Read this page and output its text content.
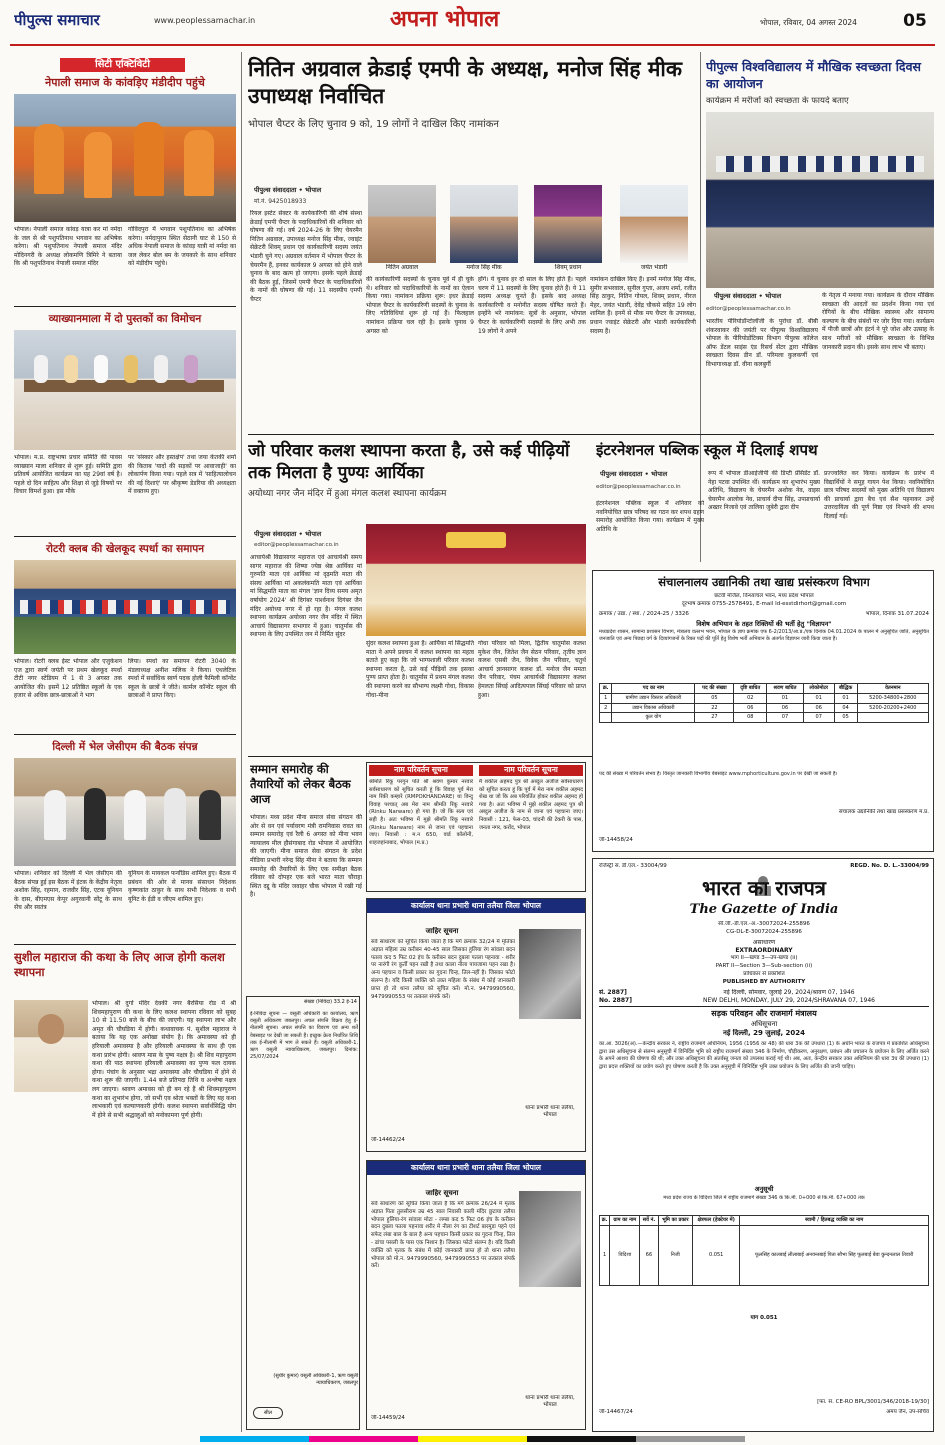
पीपुल्स समाचार	www.peoplessamachar.in	अपना भोपाल	भोपाल, रविवार, 04 अगस्त 2024	05
सिटी एक्टिविटी
नेपाली समाज के कांवड़िए मंडीदीप पहुंचे
भोपाल। नेपाली समाज कांवड़ यात्रा कर मां नर्मदा के जल से श्री पशुपतिनाथ भगवान का अभिषेक करेगा। श्री पशुपतिनाथ नेपाली समाज मंदिर मोदिनगरी के अध्यक्ष लोकमणि त्रिमिरे ने बताया कि श्री पशुपतिनाथ नेपाली समाज मंदिर
गोविंदपुरा में भगवान पशुपतिनाथ का अभिषेक करेगा। नर्मदापुरम स्थित सेठानी घाट से 150 से अधिक नेपाली समाज के कांवड़ यात्री मां नर्मदा का जल लेकर बोल बम के जयकारे के साथ शनिवार को मंडीदीप पहुंचे।
व्याख्यानमाला में दो पुस्तकों का विमोचन
भोपाल। म.प्र. राष्ट्रभाषा प्रचार समिति की पावस व्याख्यान माला शनिवार से शुरू हुई। समिति द्वारा प्रतिवर्ष आयोजित कार्यक्रम का यह 29वां वर्ष है। पहले दो दिन साहित्य और शिक्षा से जुड़े विषयों पर विचार विमर्श हुआ। इस मौके
पर 'संस्कार और हस्तक्षेप' तथा जया केतकी शर्मा की किताब 'यादों की सड़कों पर आवाजाही' का लोकार्पण किया गया। पहले सत्र में 'साहित्यालोचन की नई दिशाएं' पर श्रीकृष्ण डेडरिया की अध्यक्षता में वक्तव्य हुए।
रोटरी क्लब की खेलकूद स्पर्धा का समापन
भोपाल। रोटरी क्लब ईस्ट भोपाल और एजुकेशन एज द्वारा स्वर्ण जयंती पर प्रथम खेलकूद स्पर्धा टीटी नगर स्टेडियम में 1 से 3 अगस्त तक आयोजित की। इसमें 12 प्रतिष्ठित स्कूलों के एक हजार से अधिक छात्र-छात्राओं ने भाग
लिया। स्पर्धा का समापन रोटरी 3040 के मंडलाध्यक्ष अनीश मलिक ने किया। एथलेटिक स्पर्धा में सर्वाधिक स्वर्ण पदक होली फैमिली कॉन्वेंट स्कूल के छात्रों ने जीते। कार्मल कॉन्वेंट स्कूल की छात्राओं ने प्राप्त किए।
दिल्ली में भेल जेसीएम की बैठक संपन्न
भोपाल। शनिवार को दिल्ली में भेल जेसीएम की बैठक संपन्न हुई इस बैठक में इंटक के केंद्रीय नेतृत्व अशोक सिंह, रहमान, राजवीर सिंह, एटक यूनियन के दास, बीएमएस केपूर अगुरवानी सोंटू के साथ सेंच और स्वतंत्र
यूनियन के मायकल फर्नांडिस शामिल हुए। बैठक में प्रबंधन की ओर से मानव संसाधन निदेशक कृष्णकांत ठाकुर के साथ सभी निदेशक व सभी यूनिट के ईडी व जीएम शामिल हुए।
सुशील महाराज की कथा के लिए आज होगी कलश स्थापना
भोपाल। श्री दुर्गा मंदिर देवकी नगर बैरसिया रोड में श्री शिवमहापुराण की कथा के लिए कलश स्थापना रविवार को सुबह 10 से 11.50 बजे के बीच की जाएगी। यह स्थापना लाभ और अमृत की चौघडिया में होगी। कथावाचक पं. सुशील महाराज ने बताया कि यह एक अनोखा संयोग है। कि अमावस्या को ही हरियाली अमावस्या है और हरियाली अमावस्या के साथ ही एक कथा प्रारंभ होगी। श्रावण मास के पुष्य नक्षत्र है। श्री शिव महापुराण कथा की पाठ स्थापना हरियाली अमावस्या का पुण्य फल दायक होगा। पंचांग के अनुसार भद्रा अमावस्या और चौघडिया में होने से कथा शुरू की जाएगी। 1.44 बजे प्रतिपदा तिथि व अश्लेषा नक्षत्र लग जाएगा। श्रावण अमावस को ही बन रहे हैं श्री शिवमहापुराण कथा का शुभारंभ होगा, जो सभी एव श्रोता भक्तों के लिए यह कथा लाभकारी एवं कल्याणकारी होगी। कलश स्थापना सर्वार्थसिद्धि योग में होने से सभी श्रद्धालुओं को मनोकामना पूर्ण होगी।
नितिन अग्रवाल क्रेडाई एमपी के अध्यक्ष, मनोज सिंह मीक उपाध्यक्ष निर्वाचित
भोपाल चैप्टर के लिए चुनाव 9 को, 19 लोगों ने दाखिल किए नामांकन
पीपुल्स संवाददाता • भोपाल
मो.नं. 9425018933
नितिन अग्रवाल	मनोज सिंह मीक	शिवम्‌ प्रधान	जयंत भंडारी
रियल इस्टेट सेक्टर के कार्यकारिणी की शीर्ष संस्था क्रेडाई एमपी चैप्टर के पदाधिकारियों की शनिवार को घोषणा की गई। वर्ष 2024-26 के लिए चेयरमैन नितिन अग्रवाल, उपाध्यक्ष मनोज सिंह मीक, ज्वाइंट सेक्रेटरी शिवम्‌ प्रधान एवं कार्यकारिणी सदस्य जयंत भंडारी चुने गए। अग्रवाल वर्तमान में भोपाल चैप्टर के चेयरमैन हैं, इनका कार्यकाल 9 अगस्त को होने वाले चुनाव के बाद खत्म हो जाएगा। इसके पहले क्रेडाई की बैठक हुई, जिसमें एमपी चैप्टर के पदाधिकारियों के नामों की घोषणा की गई। 11 सदस्यीय एमपी चैप्टर
की कार्यकारिणी सदस्यों के चुनाव पूर्व में ही चुके थे। शनिवार को पदाधिकारियों के नामों का ऐलान किया गया। नामांकन प्रक्रिया शुरू: इधर क्रेडाई भोपाल चैप्टर के कार्यकारिणी सदस्यों के चुनाव के लिए गतिविधियां शुरू हो गई हैं। फिलहाल नामांकन प्रक्रिया चल रही है। इसके चुनाव 9 अगस्त को
होंगे। ये चुनाव हर दो साल के लिए होते हैं। पहले चरण में 11 सदस्यों के लिए चुनाव होते हैं। ये 11 सदस्य अध्यक्ष चुनते हैं। इसके बाद अध्यक्ष कार्यकारिणी व मनोनीत सदस्य घोषित करते हैं। इन्होंने भरे नामांकन: सूत्रों के अनुसार, भोपाल चैप्टर के कार्यकारिणी सदस्यों के लिए अभी तक 19 लोगों ने अपने
नामांकन दाखिल किए हैं। इनमें मनोज सिंह मीक, सुमीर सभरवाल, सुनील गुप्ता, अजय शर्मा, रजीत सिंह ठाकुर, नितिन गोयल, शिवम्‌ प्रधान, नीरज मेहर, जयंत भंडारी, देवेंद्र चौकसे सहित 19 लोग शामिल हैं। इनमें से मौक मय चैप्टर के उपाध्यक्ष, प्रधान ज्वाइंट सेक्रेटरी और भंडारी कार्यकारिणी सदस्य हैं।
जो परिवार कलश स्थापना करता है, उसे कई पीढ़ियों तक मिलता है पुण्यः आर्यिका
अयोध्या नगर जैन मंदिर में हुआ मंगल कलश स्थापना कार्यक्रम
पीपुल्स संवाददाता • भोपाल
editor@peoplessamachar.co.in
आचार्यश्री विद्यासागर महाराज एवं आचार्यश्री समय सागर महाराज की शिष्या ज्येष्ठ श्रेष्ठ आर्यिका मां गुरुमति माता एवं आर्यिका मां दृढ़मति माता की संसघ आर्यिका मां अकलंकमति माता एवं आर्यिका मां सिद्धमति माता का मंगल 'ज्ञान दिव्य समय अमृत वर्षायोग 2024' श्री दिगंबर पार्श्वनाथ दिगंबर जैन मंदिर अयोध्या नगर में हो रहा है। मंगल कलश स्थापना कार्यक्रम अयोध्या नगर जैन मंदिर में स्थित आचार्य विद्यासागर सभागार में हुआ। चातुर्मास की स्थापना के लिए उपस्थित जन में निर्मित सुंदर
सुंदर कलश स्थापना हुआ है। आर्यिका मां सिद्धमति माता ने अपने प्रवचन में कलश स्थापना का महत्व बताते हुए कहा कि जो भाग्यशाली परिवार कलश स्थापना करता है, उसे कई पीढ़ियों तक इसका पुण्य प्राप्त होता है। चातुर्मास में प्रथम मंगल कलश की स्थापना करने का सौभाग्य लक्ष्मी गोधा, विकास गोधा-मीना
गोधा परिवार को मिला, द्वितीय चातुर्मास कलश मुकेश जैन, जितेश जैन सेठन परिवार, तृतीय ज्ञान कलश एसबी जैन, विवेक जैन परिवार, चतुर्थ आचार्य ज्ञानसागर कलश डॉ. मनोज जैन ममता जैन परिवार, पंचम आचार्यश्री विद्यासागर कलश हेमलता सिंघई आदित्यपाल सिंघई परिवार को प्राप्त हुआ।
सम्मान समारोह की तैयारियों को लेकर बैठक आज
भोपाल। मध्य प्रदेश मीना समाज सेवा संगठन की ओर से वन एवं पर्यावरण मंत्री रामनिवास रावत का सम्मान समारोह एवं रैली 6 अगस्त को मीना भवन न्यायालय मील हौसंगाबाद रोड भोपाल में आयोजित की जाएगी। मीना समाज सेवा संगठन के प्रदेश मीडिया प्रभारी नरेन्द्र सिंह मीना ने बताया कि सम्मान समारोह की तैयारियों के लिए एक समीक्षा बैठक रविवार को दोपहर एक बजे भारत माता चौराहा स्थित दद्दू के मंदिर जवाहर चौक भोपाल में रखी गई है।
नाम परिवर्तन सूचना	नाम परिवर्तन सूचना
श्रीमति रिंकू परगुन पति श्री श्रवण कुमार नरवारे सर्वसाधारण को सूचित करती हूं कि विवाह पूर्व मेरा नाम रिंकी कम्हारे (RMPOKHANDARE) था विन्दु विवाह पश्चात् अब मेरा नाम श्रीमति रिंकू नरवारे (Rinku Narware) हो गया है। जो कि सत्य एवं सही है। अतः भविष्य में मुझे श्रीमति रिंकू नरवारे (Rinku Narware) नाम से जाना एवं पहचाना जाए। निवासी : म.न 650, वार्ड कॉलोनी, शाहजहांनाबाद, भोपाल (म.प्र.)
मैं शकील अहमद पुत्र श्री अब्दुल अजीज सर्वसाधारण को सूचित करता हूं कि पूर्व में मेरा नाम शकील अहमद शेख था जो कि अब परिवर्तित होकर शकील अहमद हो गया है। अतः भविष्य में मुझे शकील अहमद पुत्र श्री अब्दुल अजीज के नाम से जाना एवं पहचाना जाए। निवासी : 121, फेस-03, चांदनी की टेकरी के पास, जनता नगर, करोंद, भोपाल
कार्यालय थाना प्रभारी थाना तलैया जिला भोपाल
जाहिर सूचना
सर्व साधारण को सूचित किया जाता है कि मर्ग क्रमांक 32/24 मे मृतिका अज्ञात महिला उम्र करीबन 40-45 साल जिसका हुलिया रंग सांवला बदन पतला कद 5 फिट 02 इंच के करीबन बदन दुबला पतला पहनावा - शरीर पर नारंगी रंग कुर्ती पहन रखी है तथा काला नीला पायजामा पहन रखा है। अन्य पहचान व किसी प्रकार का गुदना चिन्ह, तिल-नहीं है। जिसका फोटो संलग्न है। यदि किसी व्यक्ति को उक्त महिला के संबंध में कोई जानकारी प्राप्त हो तो थाना तलैया को सूचित करें। मो.न. 9479990560, 9479990553 पर तत्काल संपर्क करें।
थाना प्रभारी थाना तलैया, भोपाल
जी-14462/24
कार्यालय थाना प्रभारी थाना तलैया जिला भोपाल
जाहिर सूचना
सर्व साधारण को सूचित किया जाता है कि मर्ग क्रमांक 26/24 मे मृतक अज्ञात पिता तुलसीराम उम्र 45 साल निवासी काली मंदिर छुटाया तलैया भोपाल हुलिया-रंग सांवला मोटा - लम्बा कद 5 फिट 06 इंच के करीबन बदन दुबला पतला पहनावा शरीर मे नीला रंग का टीशर्ट बारमूडा पहने एवं सफेद लंबा बाल के बाल है अन्य पहचान किसी प्रकार का गुदना चिन्ह, तिल - ढांचा पसली के पास एक निशान है। जिसका फोटो संलग्न है। यदि किसी व्यक्ति को मृतक के संबंध में कोई जानकारी प्राप्त हो तो थाना तलैया भोपाल को मो.न. 9479990560, 9479990553 पर तत्काल संपर्क करें।
थाना प्रभारी थाना तलैया, भोपाल
जी-14459/24
संख्या (निविदा) 33.2 ई-14
ई-निविदा सूचना — वसूली अधिकारी का कार्यालय, ऋण वसूली अधिकरण जबलपुर। अचल संपत्ति विक्रय हेतु ई-नीलामी सूचना। अचल संपत्ति का विवरण एवं अन्य शर्तें वेबसाइट पर देखी जा सकती हैं। इच्छुक क्रेता निर्धारित तिथि तक ई-नीलामी में भाग ले सकते हैं। वसूली अधिकारी-1, ऋण वसूली न्यायाधिकरण, जबलपुर। दिनांक: 25/07/2024
(सुधीर कुमार) वसूली अधिकारी-1, ऋण वसूली न्यायाधिकरण, जबलपुर
सील
पीपुल्स विश्वविद्यालय में मौखिक स्वच्छता दिवस का आयोजन
कार्यक्रम में मरीजों को स्वच्छता के फायदे बताए
पीपुल्स संवाददाता • भोपाल
editor@peoplessamachar.co.in
भारतीय पीरियोडॉन्टोलॉजी के पुरोधा डॉ. बीबी शंकरवाकर की जयंती पर पीपुल्स विश्वविद्यालय भोपाल के पीरियोडोंटिक्स विभाग पीपुल्स कॉलेज ऑफ डेंटल साइंस एंड रिसर्च सेंटर द्वारा मौखिक स्वच्छता दिवस डीन डॉ. परिमला कुलकर्णी एवं विभागाध्यक्ष डॉ. वीना कलबुर्गी
के नेतृत्व में मनाया गया। कार्यक्रम के दौरान मौखिक स्वच्छता की आदतों का प्रदर्शन किया गया एवं रोगियों के बीच मौखिक स्वास्थ्य और सामान्य कल्याण के बीच संबंधों पर जोर दिया गया। कार्यक्रम में पीजी छात्रों और इंटर्न ने पूरे जोश और उत्साह के साथ मरीजों को मौखिक स्वच्छता के विभिन्न जानकारी प्रदान की। इसके साथ लाभ भी बताए।
इंटरनेशनल पब्लिक स्कूल में दिलाई शपथ
पीपुल्स संवाददाता • भोपाल
editor@peoplessamachar.co.in
इंटरनेशनल पब्लिक स्कूल में शनिवार को नवनियोचित छात्र परिषद का गठन कर शपथ ग्रहण समारोह आयोजित किया गया। कार्यक्रम में मुख्य अतिथि के
रूप में भोपाल डीआईजीपी की डिप्टी प्रेसिडेंट डॉ. नेहा पटवा उपस्थित थीं। कार्यक्रम का शुभारंभ मुख्य अतिथि, विद्यालय के चेयरमैन अशोक नेव, वाइस चेयरमैन आलोक नेव, प्राचार्य दीपा सिंह, उपप्राचार्या अख्तर निजावे एवं तालिया जुबेरी द्वारा दीप
प्रज्ज्वलित कर किया। कार्यक्रम के प्रारंभ में विद्यार्थियों ने समूह गायन पेश किया। नवनियोचित छात्र परिषद सदस्यों को मुख्य अतिथि एवं विद्यालय की प्राचार्या द्वारा बैच एवं सैश पहनाकर उन्हें उत्तरदायित्व की पूर्ण निष्ठा एवं निभाने की शपथ दिलाई गई।
संचालनालय उद्यानिकी तथा खाद्य प्रसंस्करण विभाग
छटवी मंजिल, विन्ध्याचल भवन, मध्य प्रदेश भोपाल
दूरभाष क्रमांक 0755-2578491, E-mail Id-esstdirhort@gmail.com
क्रमांक / उद्या. / स्था. / 2024-25 / 3326	भोपाल, दिनांक 31.07.2024
विशेष अभियान के तहत रिक्तियों की भर्ती हेतु "विज्ञापन"
मध्यप्रदेश शासन, सामान्य प्रशासन विभाग, मंत्रालय वल्लभ भवन, भोपाल के ज्ञाप क्रमांक एफ 6-2/2013/आ.प्र./एक दिनांक 04.01.2024 के पालन में अनुसूचित जाति, अनुसूचित जनजाति एवं अन्य पिछड़ा वर्ग के दिव्यांगजनों के रिक्त पदों की पूर्ति हेतु विशेष भर्ती अभियान के अंतर्गत विज्ञापन जारी किया जाता है।
क्र.	पद का नाम	पद की संख्या	दृष्टि बाधित	श्रवण बाधित	लोकोमोटर	बौद्धिक	वेतनमान
1	ग्रामीण उद्यान विस्तार अधिकारी	05	02	01	01	01	5200-34800+2800
2	उद्यान विकास अधिकारी	22	06	06	06	04	5200-20200+2400
	कुल योग	27	08	07	07	05	
पद की संख्या में परिवर्तन संभव है। विस्तृत जानकारी विभागीय वेबसाइट www.mphorticulture.gov.in पर देखी जा सकती है।
संचालक उद्यानिकी तथा खाद्य प्रसंस्करण म.प्र.
जी-14458/24
रजिस्ट्री सं. डी.एल.- 33004/99	REGD. No. D. L.-33004/99
भारत का राजपत्र
The Gazette of India
सी.जी.-डी.एल.-अ.-30072024-255896
CG-DL-E-30072024-255896
असाधारण
EXTRAORDINARY
भाग II—खण्ड 3—उप-खण्ड (ii)
PART II—Section 3—Sub-section (ii)
प्राधिकार से प्रकाशित
PUBLISHED BY AUTHORITY
सं. 2887]	नई दिल्ली, सोमवार, जुलाई 29, 2024/श्रावण 07, 1946
No. 2887]	NEW DELHI, MONDAY, JULY 29, 2024/SHRAVANA 07, 1946
सड़क परिवहन और राजमार्ग मंत्रालय
अधिसूचना
नई दिल्ली, 29 जुलाई, 2024
का.आ. 3026(अ).—केन्द्रीय सरकार ने, राष्ट्रीय राजमार्ग अधिनियम, 1956 (1956 का 48) की धारा 3क की उपधारा (1) के अधीन भारत के राजपत्र में प्रकाशित अधिसूचना द्वारा उस अधिसूचना से संलग्न अनुसूची में विनिर्दिष्ट भूमि को राष्ट्रीय राजमार्ग संख्या 346 के निर्माण, चौड़ीकरण, अनुरक्षण, प्रबंधन और प्रचालन के प्रयोजन के लिए अर्जित करने के अपने आशय की घोषणा की थी; और उक्त अधिसूचना की अंतर्वस्तु जनता को उपलब्ध कराई गई थी। अब, अतः, केन्द्रीय सरकार उक्त अधिनियम की धारा 3घ की उपधारा (1) द्वारा प्रदत्त शक्तियों का प्रयोग करते हुए घोषणा करती है कि उक्त अनुसूची में विनिर्दिष्ट भूमि उक्त प्रयोजन के लिए अर्जित की जानी चाहिए।
अनुसूची
मध्य प्रदेश राज्य के विदिशा जिले में राष्ट्रीय राजमार्ग संख्या 346 के कि.मी. 0+000 से कि.मी. 67+000 तक
क्र.	ग्राम का नाम	सर्वे नं.	भूमि का प्रकार	क्षेत्रफल (हेक्टेयर में)	स्वामी / हितबद्ध व्यक्ति का नाम
1	विदिशा	66	निजी	0.051	फूलसिंह कालबाई लीलाबाई अनवन्तबाई पिता सौभा सिंह फूलबाई बेवा कुन्दनलाल तिवारी
योग 0.051
[फा. सं. CE-RO BPL/3001/346/2018-19/30]
अमय जैन, उप-सचिव
जी-14467/24
